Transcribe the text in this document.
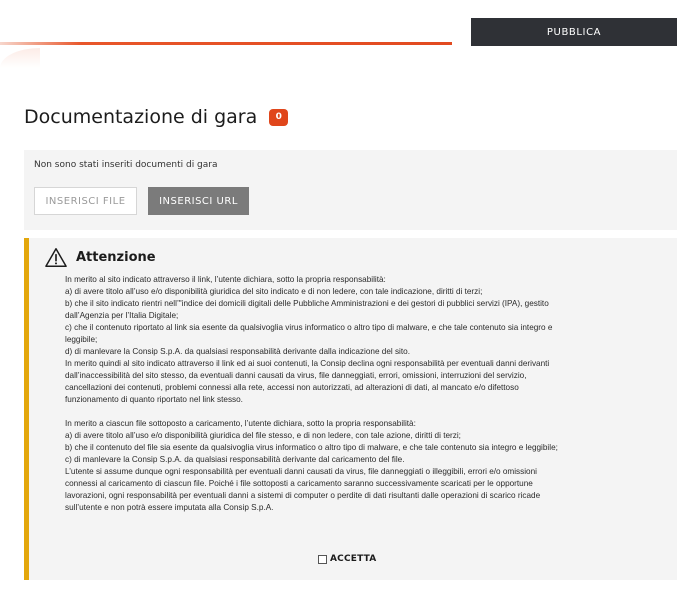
PUBBLICA
Documentazione di gara	0
Non sono stati inseriti documenti di gara
INSERISCI FILE	INSERISCI URL
Attenzione
In merito al sito indicato attraverso il link, l’utente dichiara, sotto la propria responsabilità:
a) di avere titolo all’uso e/o disponibilità giuridica del sito indicato e di non ledere, con tale indicazione, diritti di terzi;
b) che il sito indicato rientri nell’"indice dei domicili digitali delle Pubbliche Amministrazioni e dei gestori di pubblici servizi (IPA), gestito
dall’Agenzia per l’Italia Digitale;
c) che il contenuto riportato al link sia esente da qualsivoglia virus informatico o altro tipo di malware, e che tale contenuto sia integro e
leggibile;
d) di manlevare la Consip S.p.A. da qualsiasi responsabilità derivante dalla indicazione del sito.
In merito quindi al sito indicato attraverso il link ed ai suoi contenuti, la Consip declina ogni responsabilità per eventuali danni derivanti
dall’inaccessibilità del sito stesso, da eventuali danni causati da virus, file danneggiati, errori, omissioni, interruzioni del servizio,
cancellazioni dei contenuti, problemi connessi alla rete, accessi non autorizzati, ad alterazioni di dati, al mancato e/o difettoso
funzionamento di quanto riportato nel link stesso.
In merito a ciascun file sottoposto a caricamento, l’utente dichiara, sotto la propria responsabilità:
a) di avere titolo all’uso e/o disponibilità giuridica del file stesso, e di non ledere, con tale azione, diritti di terzi;
b) che il contenuto del file sia esente da qualsivoglia virus informatico o altro tipo di malware, e che tale contenuto sia integro e leggibile;
c) di manlevare la Consip S.p.A. da qualsiasi responsabilità derivante dal caricamento del file.
L’utente si assume dunque ogni responsabilità per eventuali danni causati da virus, file danneggiati o illeggibili, errori e/o omissioni
connessi al caricamento di ciascun file. Poiché i file sottoposti a caricamento saranno successivamente scaricati per le opportune
lavorazioni, ogni responsabilità per eventuali danni a sistemi di computer o perdite di dati risultanti dalle operazioni di scarico ricade
sull’utente e non potrà essere imputata alla Consip S.p.A.
ACCETTA
